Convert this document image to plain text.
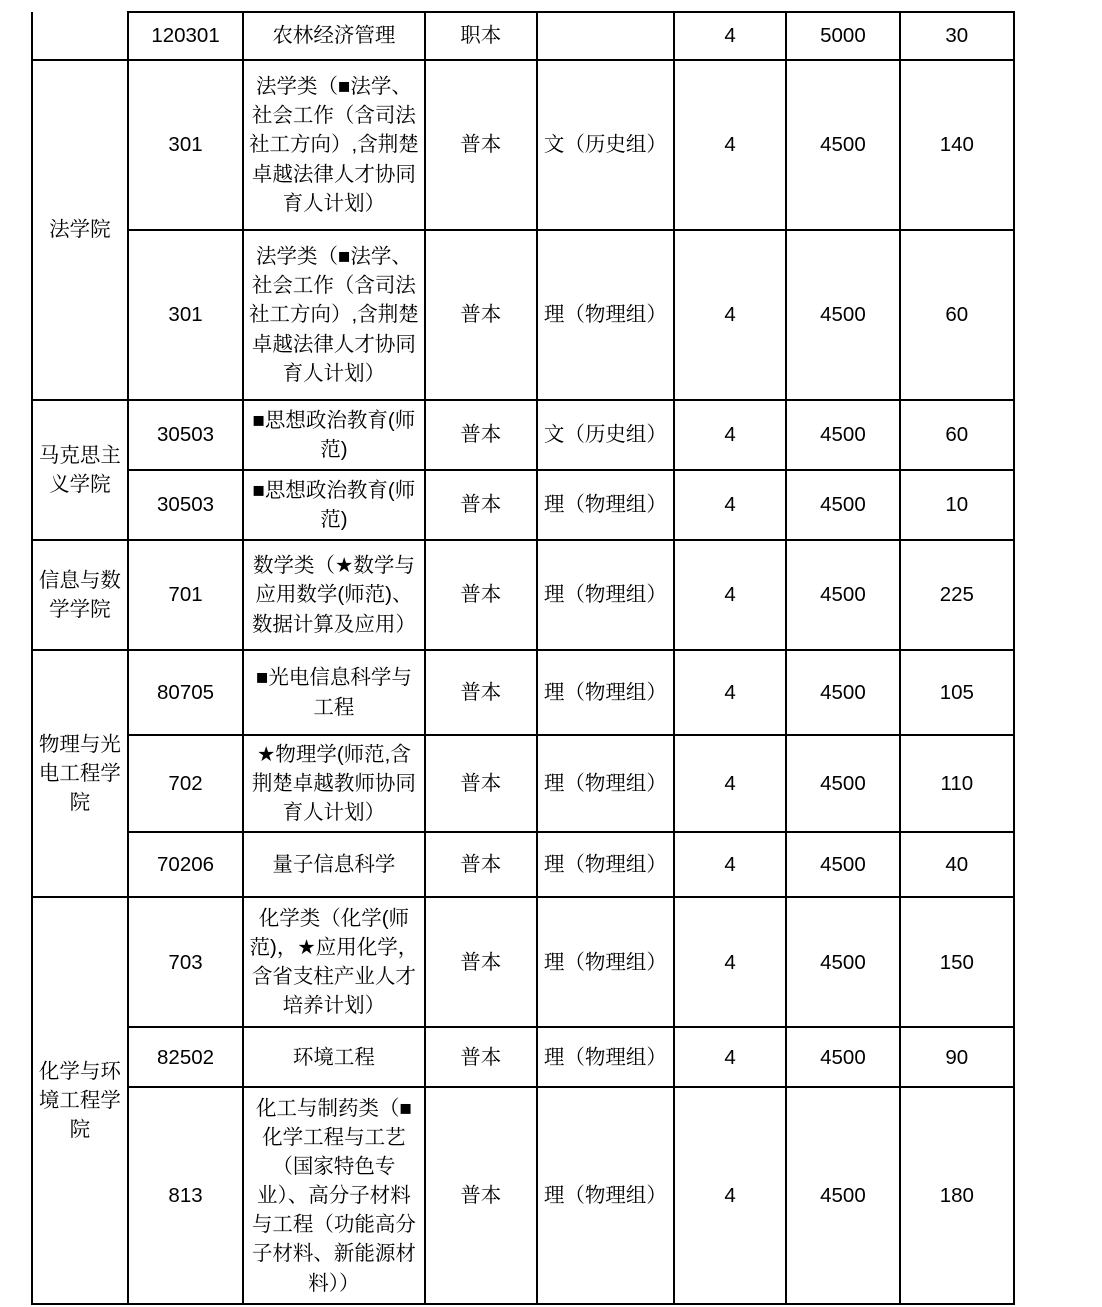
	120301	农林经济管理	职本		4	5000	30
法学院	301	法学类（■法学、社会工作（含司法社工方向）,含荆楚卓越法律人才协同育人计划）	普本	文（历史组）	4	4500	140
	301	法学类（■法学、社会工作（含司法社工方向）,含荆楚卓越法律人才协同育人计划）	普本	理（物理组）	4	4500	60
马克思主义学院	30503	■思想政治教育(师范)	普本	文（历史组）	4	4500	60
	30503	■思想政治教育(师范)	普本	理（物理组）	4	4500	10
信息与数学学院	701	数学类（★数学与应用数学(师范)、数据计算及应用）	普本	理（物理组）	4	4500	225
物理与光电工程学院	80705	■光电信息科学与工程	普本	理（物理组）	4	4500	105
	702	★物理学(师范,含荆楚卓越教师协同育人计划）	普本	理（物理组）	4	4500	110
	70206	量子信息科学	普本	理（物理组）	4	4500	40
化学与环境工程学院	703	化学类（化学(师范)，★应用化学，含省支柱产业人才培养计划）	普本	理（物理组）	4	4500	150
	82502	环境工程	普本	理（物理组）	4	4500	90
	813	化工与制药类（■化学工程与工艺（国家特色专业）、高分子材料与工程（功能高分子材料、新能源材料））	普本	理（物理组）	4	4500	180
